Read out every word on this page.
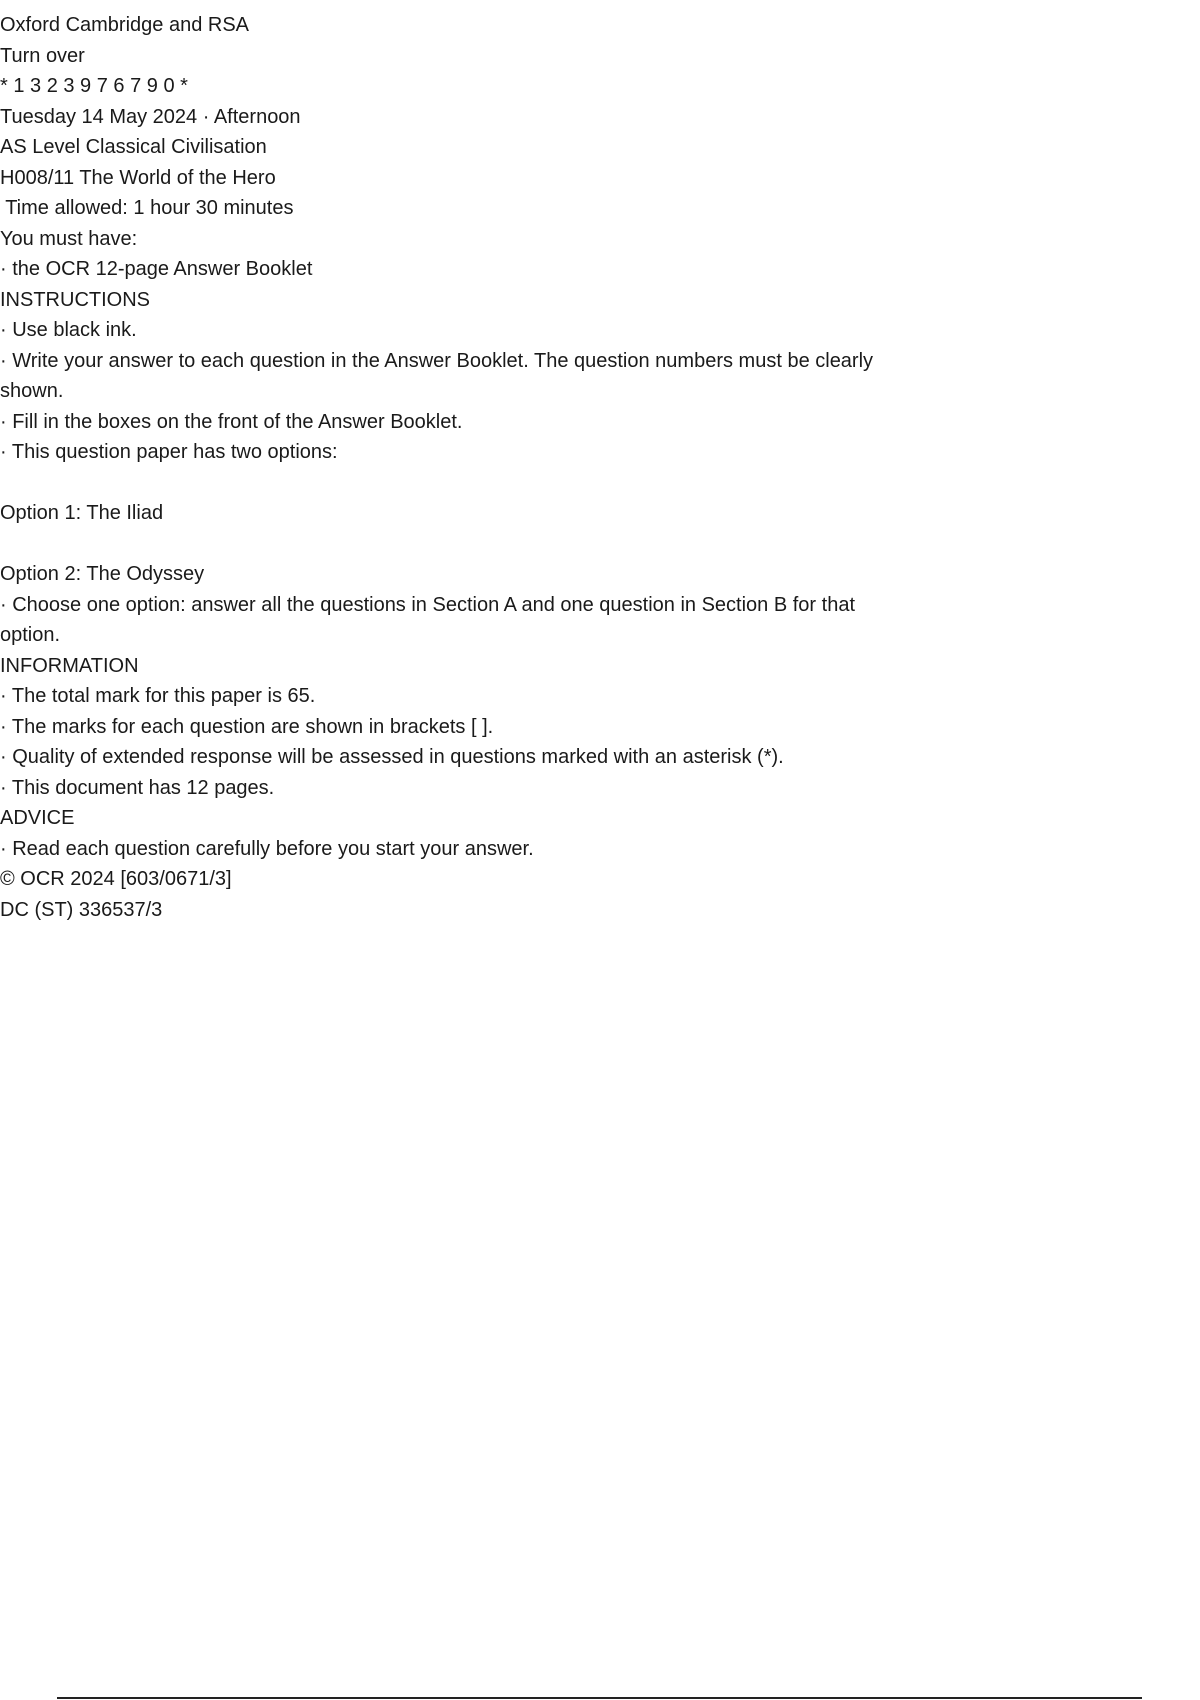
Oxford Cambridge and RSA

Turn over

* 1 3 2 3 9 7 6 7 9 0 *

Tuesday 14 May 2024 · Afternoon

AS Level Classical Civilisation

H008/11 The World of the Hero

Time allowed: 1 hour 30 minutes

You must have:

· the OCR 12-page Answer Booklet

INSTRUCTIONS

· Use black ink.

· Write your answer to each question in the Answer Booklet. The question numbers must be clearly shown.

· Fill in the boxes on the front of the Answer Booklet.

· This question paper has two options:

Option 1: The Iliad

Option 2: The Odyssey

· Choose one option: answer all the questions in Section A and one question in Section B for that option.

INFORMATION

· The total mark for this paper is 65.

· The marks for each question are shown in brackets [ ].

· Quality of extended response will be assessed in questions marked with an asterisk (*).

· This document has 12 pages.

ADVICE

· Read each question carefully before you start your answer.

© OCR 2024 [603/0671/3]

DC (ST) 336537/3
